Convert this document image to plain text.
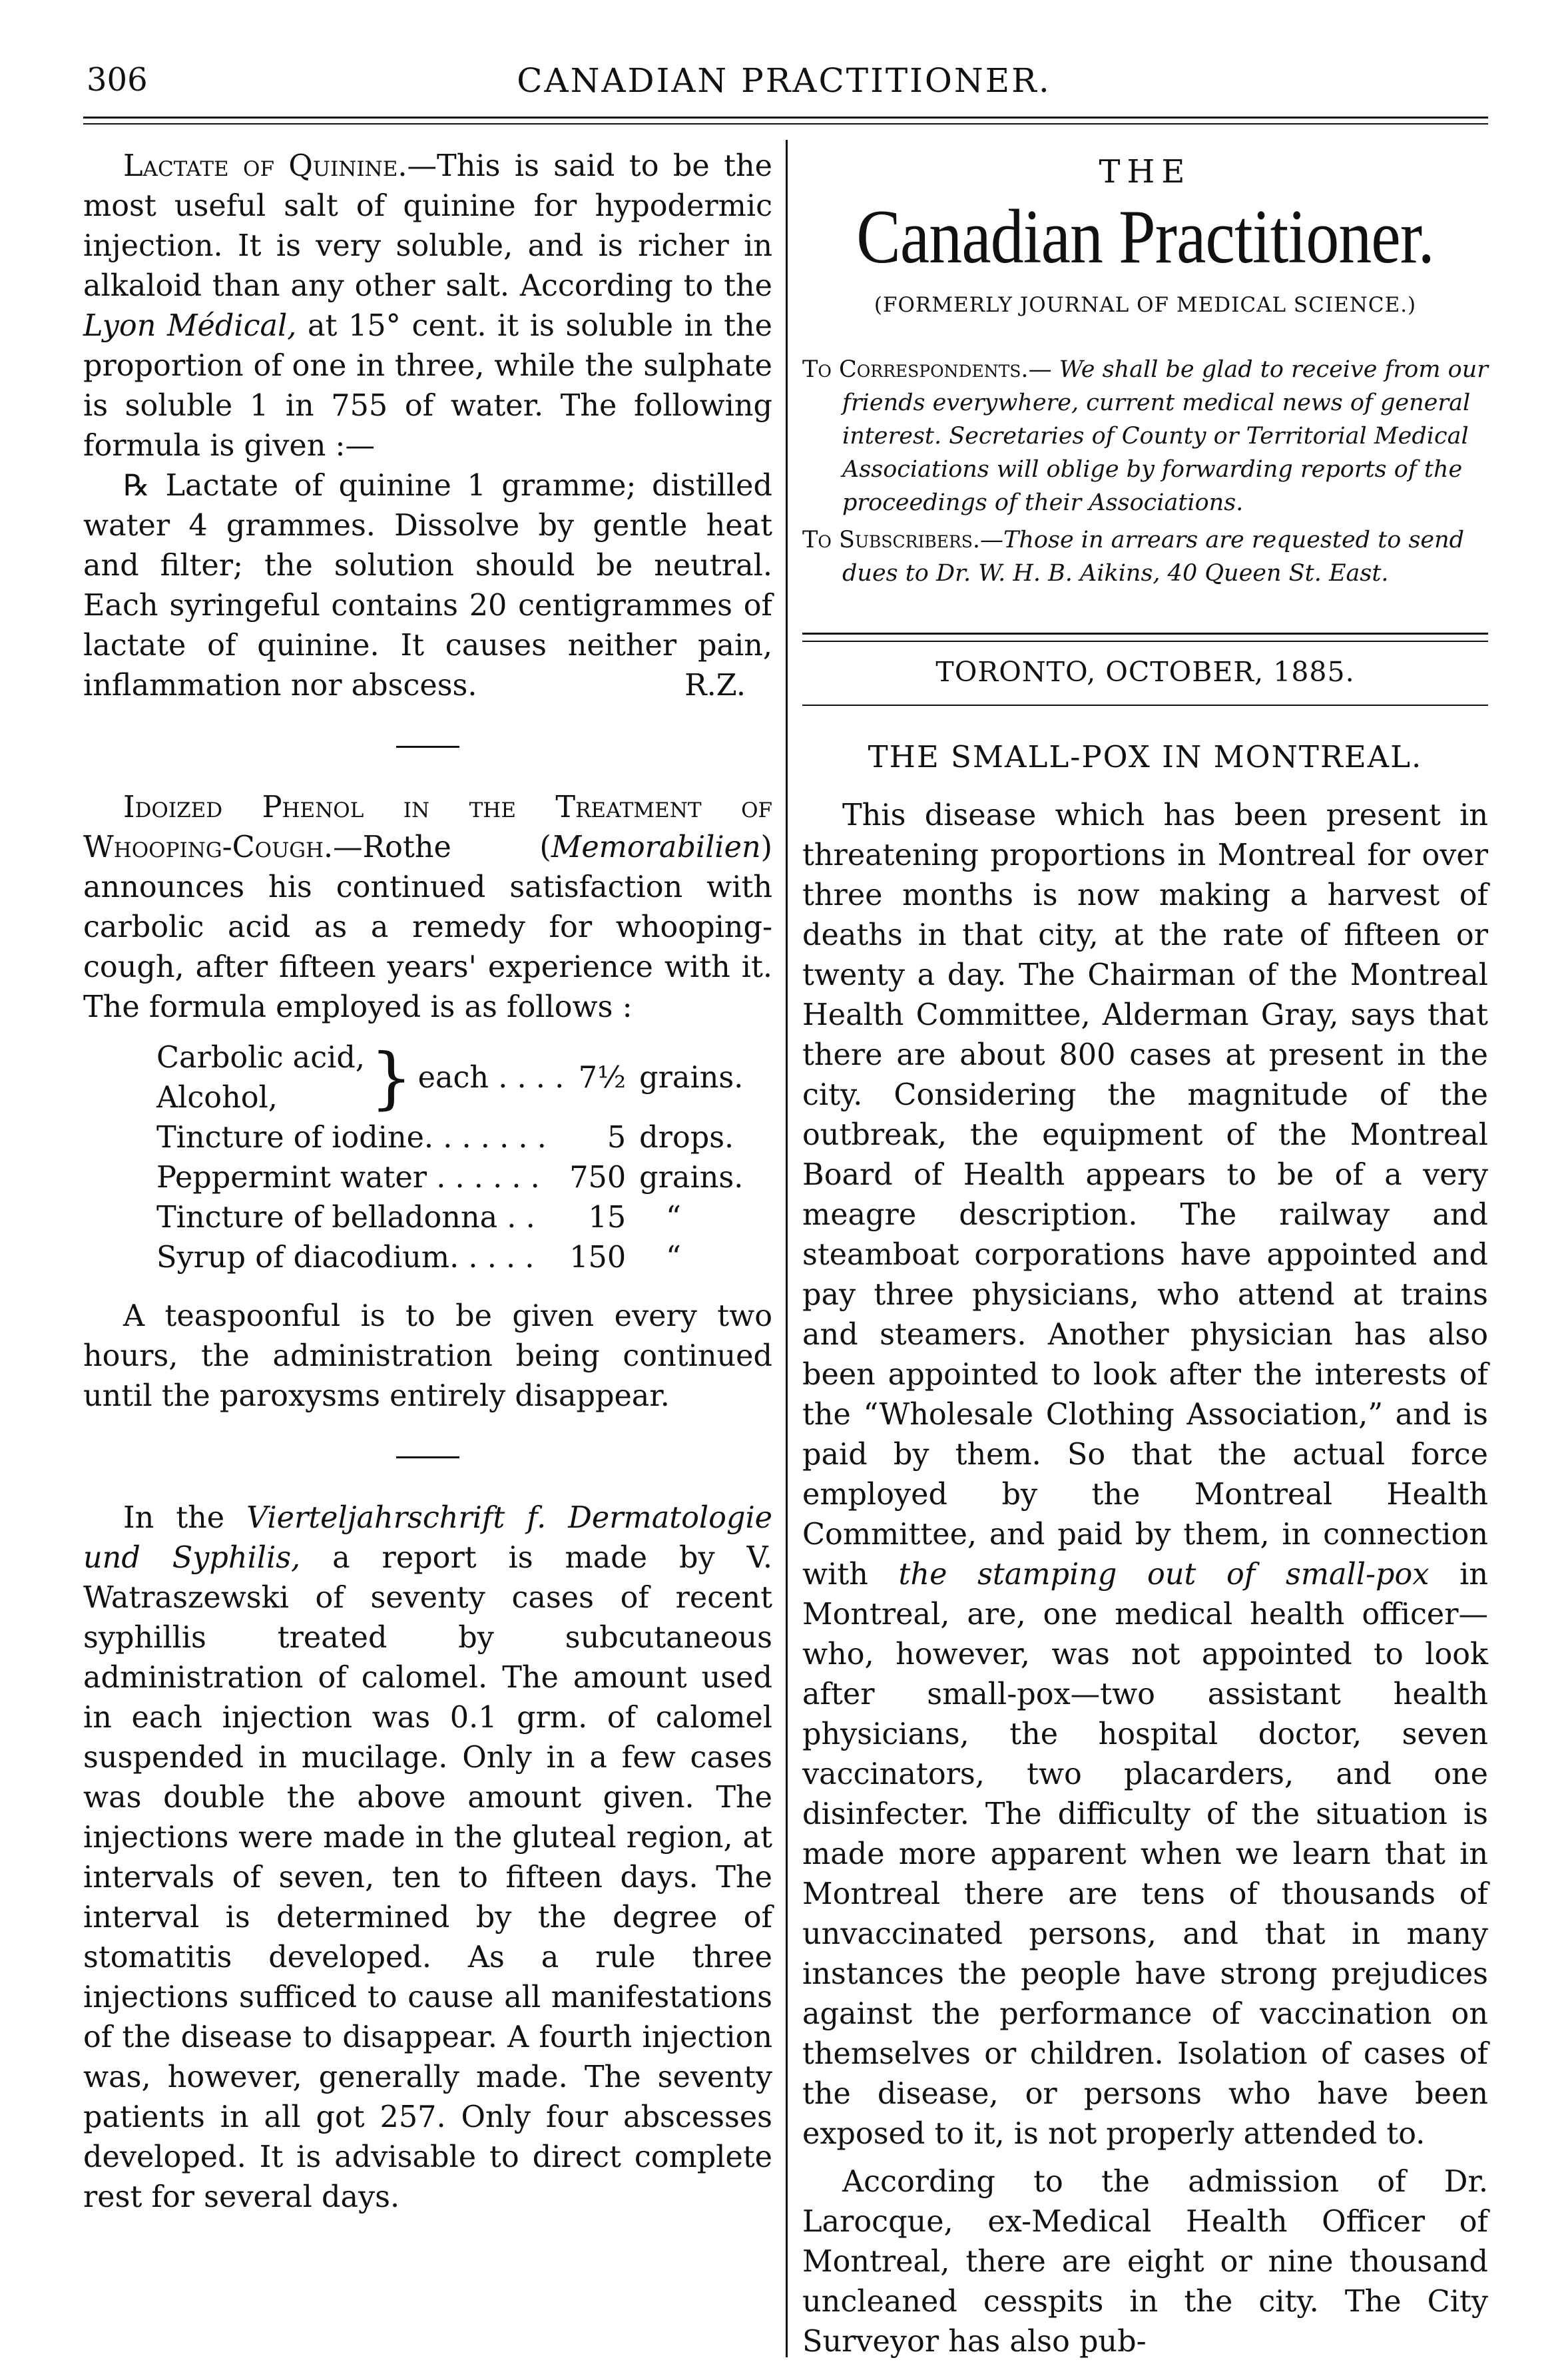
306	CANADIAN PRACTITIONER.

Lactate of Quinine.—This is said to be the most useful salt of quinine for hypodermic injection. It is very soluble, and is richer in alkaloid than any other salt. According to the Lyon Médical, at 15° cent. it is soluble in the proportion of one in three, while the sulphate is soluble 1 in 755 of water. The following formula is given :—

℞ Lactate of quinine 1 gramme; distilled water 4 grammes. Dissolve by gentle heat and filter; the solution should be neutral. Each syringeful contains 20 centigrammes of lactate of quinine. It causes neither pain, inflammation nor abscess.	R.Z.

Idoized Phenol in the Treatment of Whooping-Cough.—Rothe (Memorabilien) announces his continued satisfaction with carbolic acid as a remedy for whooping-cough, after fifteen years' experience with it. The formula employed is as follows :

Carbolic acid,
Alcohol,	}	each . . . .	7½	grains.
Tincture of iodine. . . . . . .			5	drops.
Peppermint water . . . . . .			750	grains.
Tincture of belladonna . .			15	“
Syrup of diacodium. . . . .			150	“

A teaspoonful is to be given every two hours, the administration being continued until the paroxysms entirely disappear.

In the Vierteljahrschrift f. Dermatologie und Syphilis, a report is made by V. Watraszewski of seventy cases of recent syphillis treated by subcutaneous administration of calomel. The amount used in each injection was 0.1 grm. of calomel suspended in mucilage. Only in a few cases was double the above amount given. The injections were made in the gluteal region, at intervals of seven, ten to fifteen days. The interval is determined by the degree of stomatitis developed. As a rule three injections sufficed to cause all manifestations of the disease to disappear. A fourth injection was, however, generally made. The seventy patients in all got 257. Only four abscesses developed. It is advisable to direct complete rest for several days.

THE
Canadian Practitioner.
(FORMERLY JOURNAL OF MEDICAL SCIENCE.)

To Correspondents.— We shall be glad to receive from our friends everywhere, current medical news of general interest. Secretaries of County or Territorial Medical Associations will oblige by forwarding reports of the proceedings of their Associations.

To Subscribers.—Those in arrears are requested to send dues to Dr. W. H. B. Aikins, 40 Queen St. East.

TORONTO, OCTOBER, 1885.
THE SMALL-POX IN MONTREAL.

This disease which has been present in threatening proportions in Montreal for over three months is now making a harvest of deaths in that city, at the rate of fifteen or twenty a day. The Chairman of the Montreal Health Committee, Alderman Gray, says that there are about 800 cases at present in the city. Considering the magnitude of the outbreak, the equipment of the Montreal Board of Health appears to be of a very meagre description. The railway and steamboat corporations have appointed and pay three physicians, who attend at trains and steamers. Another physician has also been appointed to look after the interests of the “Wholesale Clothing Association,” and is paid by them. So that the actual force employed by the Montreal Health Committee, and paid by them, in connection with the stamping out of small-pox in Montreal, are, one medical health officer—who, however, was not appointed to look after small-pox—two assistant health physicians, the hospital doctor, seven vaccinators, two placarders, and one disinfecter. The difficulty of the situation is made more apparent when we learn that in Montreal there are tens of thousands of unvaccinated persons, and that in many instances the people have strong prejudices against the performance of vaccination on themselves or children. Isolation of cases of the disease, or persons who have been exposed to it, is not properly attended to.

According to the admission of Dr. Larocque, ex-Medical Health Officer of Montreal, there are eight or nine thousand uncleaned cesspits in the city. The City Surveyor has also pub-
